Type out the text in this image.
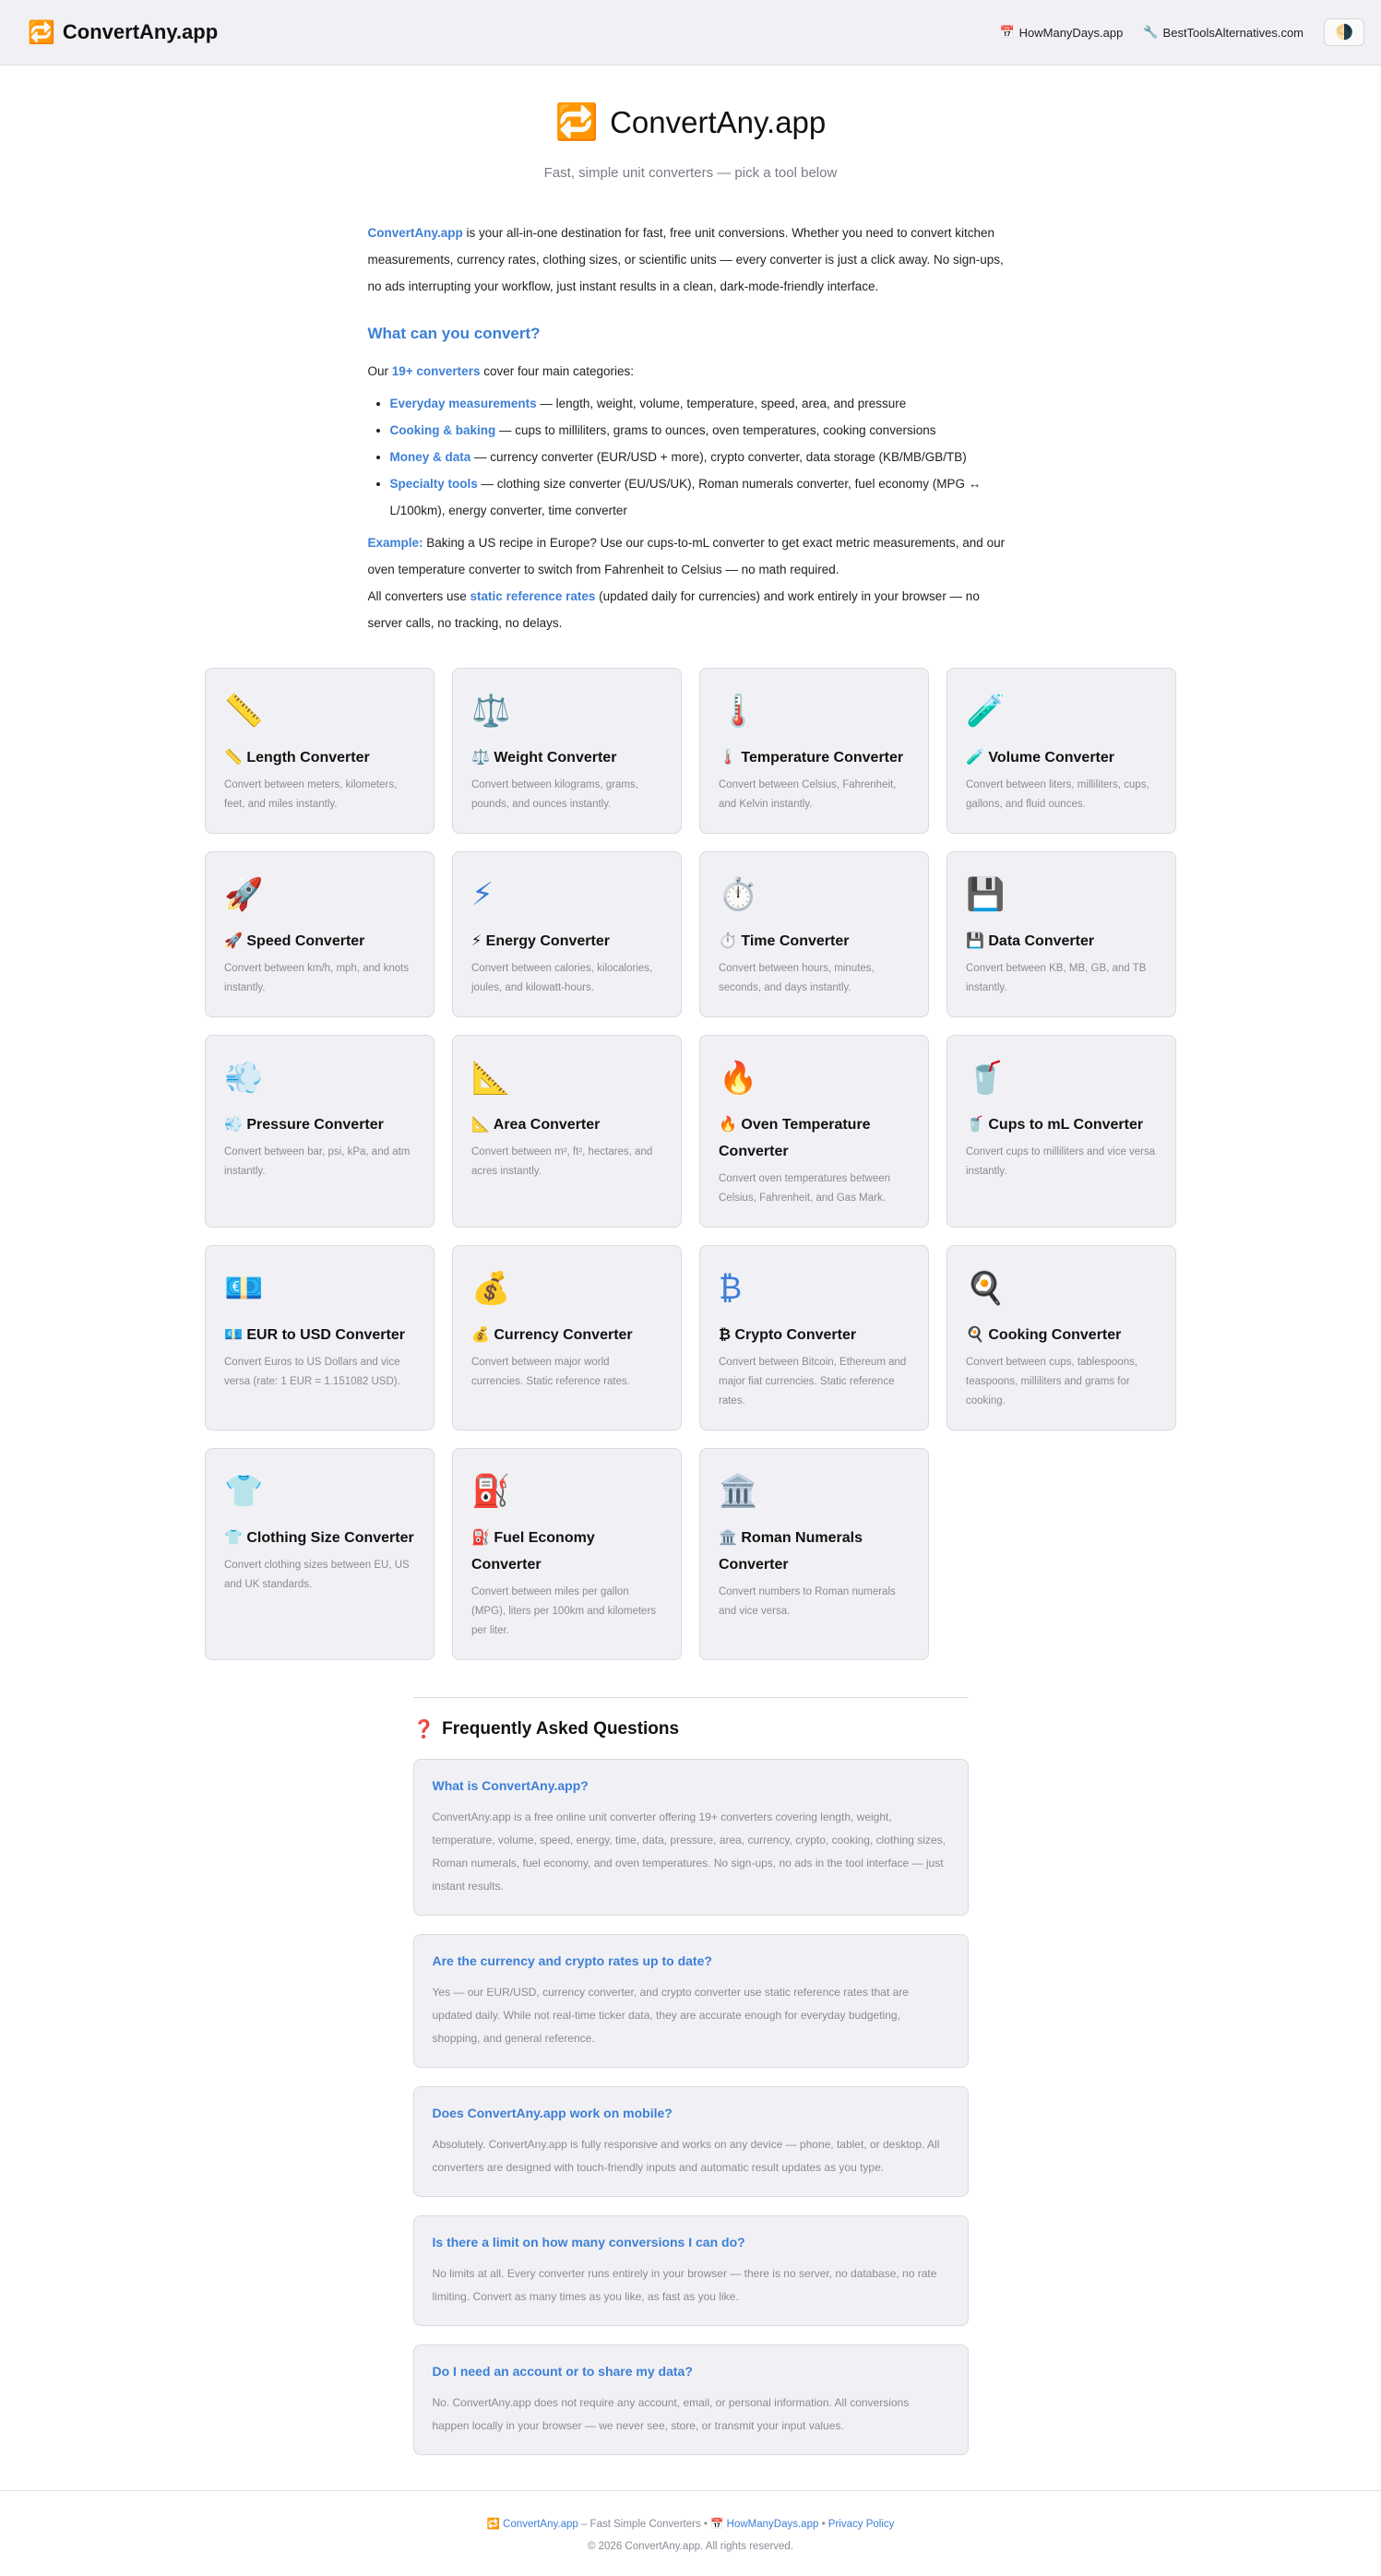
🔁 ConvertAny.app	📅 HowManyDays.app 🔧 BestToolsAlternatives.com 🌗
🔁 ConvertAny.app

Fast, simple unit converters — pick a tool below

ConvertAny.app is your all-in-one destination for fast, free unit conversions. Whether you need to convert kitchen measurements, currency rates, clothing sizes, or scientific units — every converter is just a click away. No sign-ups, no ads interrupting your workflow, just instant results in a clean, dark-mode-friendly interface.

What can you convert?

Our 19+ converters cover four main categories:

• Everyday measurements — length, weight, volume, temperature, speed, area, and pressure
• Cooking & baking — cups to milliliters, grams to ounces, oven temperatures, cooking conversions
• Money & data — currency converter (EUR/USD + more), crypto converter, data storage (KB/MB/GB/TB)
• Specialty tools — clothing size converter (EU/US/UK), Roman numerals converter, fuel economy (MPG ↔ L/100km), energy converter, time converter

Example: Baking a US recipe in Europe? Use our cups-to-mL converter to get exact metric measurements, and our oven temperature converter to switch from Fahrenheit to Celsius — no math required.

All converters use static reference rates (updated daily for currencies) and work entirely in your browser — no server calls, no tracking, no delays.

📏
📏 Length Converter
Convert between meters, kilometers, feet, and miles instantly.
⚖️
⚖️ Weight Converter
Convert between kilograms, grams, pounds, and ounces instantly.
🌡️
🌡️ Temperature Converter
Convert between Celsius, Fahrenheit, and Kelvin instantly.
🧪
🧪 Volume Converter
Convert between liters, milliliters, cups, gallons, and fluid ounces.
🚀
🚀 Speed Converter
Convert between km/h, mph, and knots instantly.
⚡
⚡ Energy Converter
Convert between calories, kilocalories, joules, and kilowatt-hours.
⏱️
⏱️ Time Converter
Convert between hours, minutes, seconds, and days instantly.
💾
💾 Data Converter
Convert between KB, MB, GB, and TB instantly.
💨
💨 Pressure Converter
Convert between bar, psi, kPa, and atm instantly.
📐
📐 Area Converter
Convert between m², ft², hectares, and acres instantly.
🔥
🔥 Oven Temperature Converter
Convert oven temperatures between Celsius, Fahrenheit, and Gas Mark.
🥤
🥤 Cups to mL Converter
Convert cups to milliliters and vice versa instantly.
💶
💶 EUR to USD Converter
Convert Euros to US Dollars and vice versa (rate: 1 EUR = 1.151082 USD).
💰
💰 Currency Converter
Convert between major world currencies. Static reference rates.
₿
₿ Crypto Converter
Convert between Bitcoin, Ethereum and major fiat currencies. Static reference rates.
🍳
🍳 Cooking Converter
Convert between cups, tablespoons, teaspoons, milliliters and grams for cooking.
👕
👕 Clothing Size Converter
Convert clothing sizes between EU, US and UK standards.
⛽
⛽ Fuel Economy Converter
Convert between miles per gallon (MPG), liters per 100km and kilometers per liter.
🏛️
🏛️ Roman Numerals Converter
Convert numbers to Roman numerals and vice versa.
❓ Frequently Asked Questions
What is ConvertAny.app?
ConvertAny.app is a free online unit converter offering 19+ converters covering length, weight, temperature, volume, speed, energy, time, data, pressure, area, currency, crypto, cooking, clothing sizes, Roman numerals, fuel economy, and oven temperatures. No sign-ups, no ads in the tool interface — just instant results.
Are the currency and crypto rates up to date?
Yes — our EUR/USD, currency converter, and crypto converter use static reference rates that are updated daily. While not real-time ticker data, they are accurate enough for everyday budgeting, shopping, and general reference.
Does ConvertAny.app work on mobile?
Absolutely. ConvertAny.app is fully responsive and works on any device — phone, tablet, or desktop. All converters are designed with touch-friendly inputs and automatic result updates as you type.
Is there a limit on how many conversions I can do?
No limits at all. Every converter runs entirely in your browser — there is no server, no database, no rate limiting. Convert as many times as you like, as fast as you like.
Do I need an account or to share my data?
No. ConvertAny.app does not require any account, email, or personal information. All conversions happen locally in your browser — we never see, store, or transmit your input values.
🔁 ConvertAny.app – Fast Simple Converters • 📅 HowManyDays.app • Privacy Policy
© 2026 ConvertAny.app. All rights reserved.
